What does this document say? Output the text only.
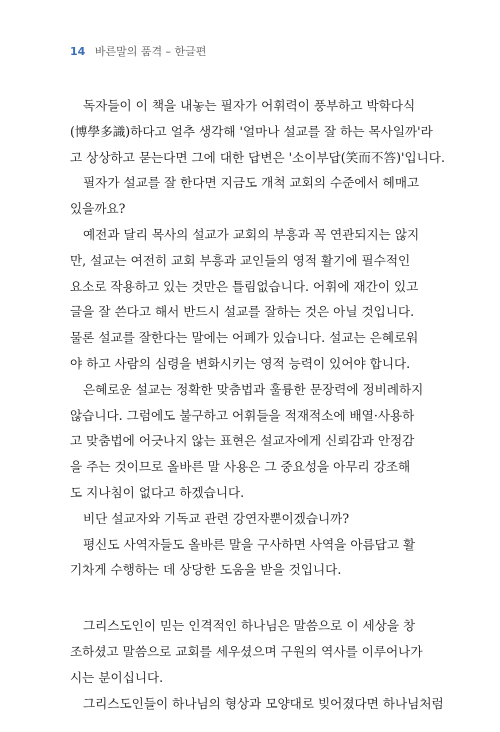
14 바른말의 품격 – 한글편
독자들이 이 책을 내놓는 필자가 어휘력이 풍부하고 박학다식
(博學多識)하다고 얼추 생각해 '얼마나 설교를 잘 하는 목사일까'라
고 상상하고 묻는다면 그에 대한 답변은 '소이부답(笑而不答)'입니다.
필자가 설교를 잘 한다면 지금도 개척 교회의 수준에서 헤매고
있을까요?
예전과 달리 목사의 설교가 교회의 부흥과 꼭 연관되지는 않지
만, 설교는 여전히 교회 부흥과 교인들의 영적 활기에 필수적인
요소로 작용하고 있는 것만은 틀림없습니다. 어휘에 재간이 있고
글을 잘 쓴다고 해서 반드시 설교를 잘하는 것은 아닐 것입니다.
물론 설교를 잘한다는 말에는 어폐가 있습니다. 설교는 은혜로워
야 하고 사람의 심령을 변화시키는 영적 능력이 있어야 합니다.
은혜로운 설교는 정확한 맞춤법과 훌륭한 문장력에 정비례하지
않습니다. 그럼에도 불구하고 어휘들을 적재적소에 배열·사용하
고 맞춤법에 어긋나지 않는 표현은 설교자에게 신뢰감과 안정감
을 주는 것이므로 올바른 말 사용은 그 중요성을 아무리 강조해
도 지나침이 없다고 하겠습니다.
비단 설교자와 기독교 관련 강연자뿐이겠습니까?
평신도 사역자들도 올바른 말을 구사하면 사역을 아름답고 활
기차게 수행하는 데 상당한 도움을 받을 것입니다.
그리스도인이 믿는 인격적인 하나님은 말씀으로 이 세상을 창
조하셨고 말씀으로 교회를 세우셨으며 구원의 역사를 이루어나가
시는 분이십니다.
그리스도인들이 하나님의 형상과 모양대로 빚어졌다면 하나님처럼
